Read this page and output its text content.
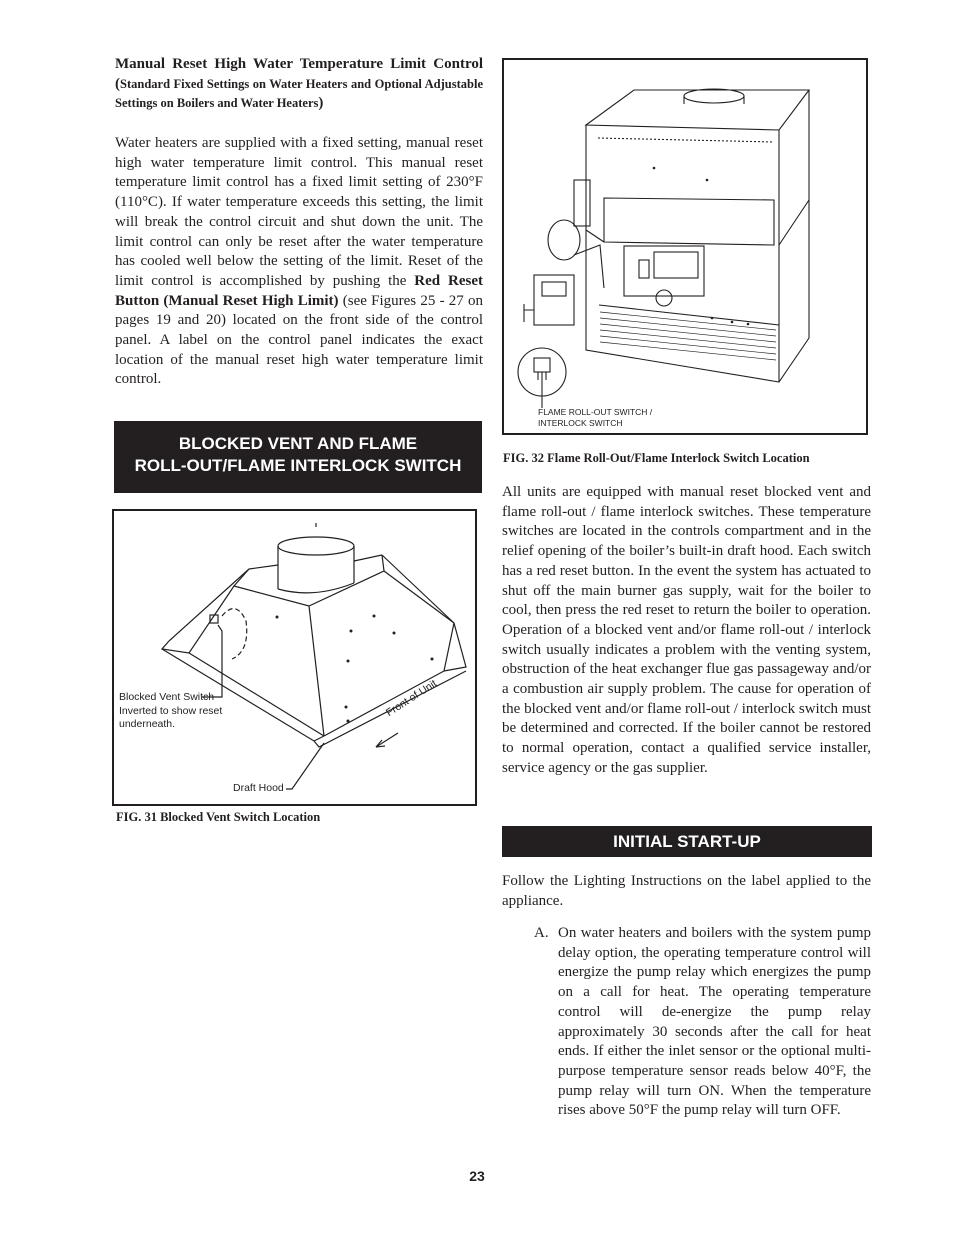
Manual Reset High Water Temperature Limit Control (Standard Fixed Settings on Water Heaters and Optional Adjustable Settings on Boilers and Water Heaters)

Water heaters are supplied with a fixed setting, manual reset high water temperature limit control. This manual reset temperature limit control has a fixed limit setting of 230°F (110°C). If water temperature exceeds this setting, the limit will break the control circuit and shut down the unit. The limit control can only be reset after the water temperature has cooled well below the setting of the limit. Reset of the limit control is accomplished by pushing the Red Reset Button (Manual Reset High Limit) (see Figures 25 - 27 on pages 19 and 20) located on the front side of the control panel. A label on the control panel indicates the exact location of the manual reset high water temperature limit control.

BLOCKED VENT AND FLAME
ROLL-OUT/FLAME INTERLOCK SWITCH
Blocked Vent Switch
Inverted to show reset
underneath.
Draft Hood
Front of Unit
FIG. 31 Blocked Vent Switch Location
FLAME ROLL-OUT SWITCH /
INTERLOCK SWITCH
FIG. 32 Flame Roll-Out/Flame Interlock Switch Location

All units are equipped with manual reset blocked vent and flame roll-out / flame interlock switches. These temperature switches are located in the controls compartment and in the relief opening of the boiler’s built-in draft hood. Each switch has a red reset button. In the event the system has actuated to shut off the main burner gas supply, wait for the boiler to cool, then press the red reset to return the boiler to operation. Operation of a blocked vent and/or flame roll-out / interlock switch usually indicates a problem with the venting system, obstruction of the heat exchanger flue gas passageway and/or a combustion air supply problem. The cause for operation of the blocked vent and/or flame roll-out / interlock switch must be determined and corrected. If the boiler cannot be restored to normal operation, contact a qualified service installer, service agency or the gas supplier.

INITIAL START-UP

Follow the Lighting Instructions on the label applied to the appliance.

A. On water heaters and boilers with the system pump delay option, the operating temperature control will energize the pump relay which energizes the pump on a call for heat. The operating temperature control will de-energize the pump relay approximately 30 seconds after the call for heat ends. If either the inlet sensor or the optional multi-purpose temperature sensor reads below 40°F, the pump relay will turn ON. When the temperature rises above 50°F the pump relay will turn OFF.

23
